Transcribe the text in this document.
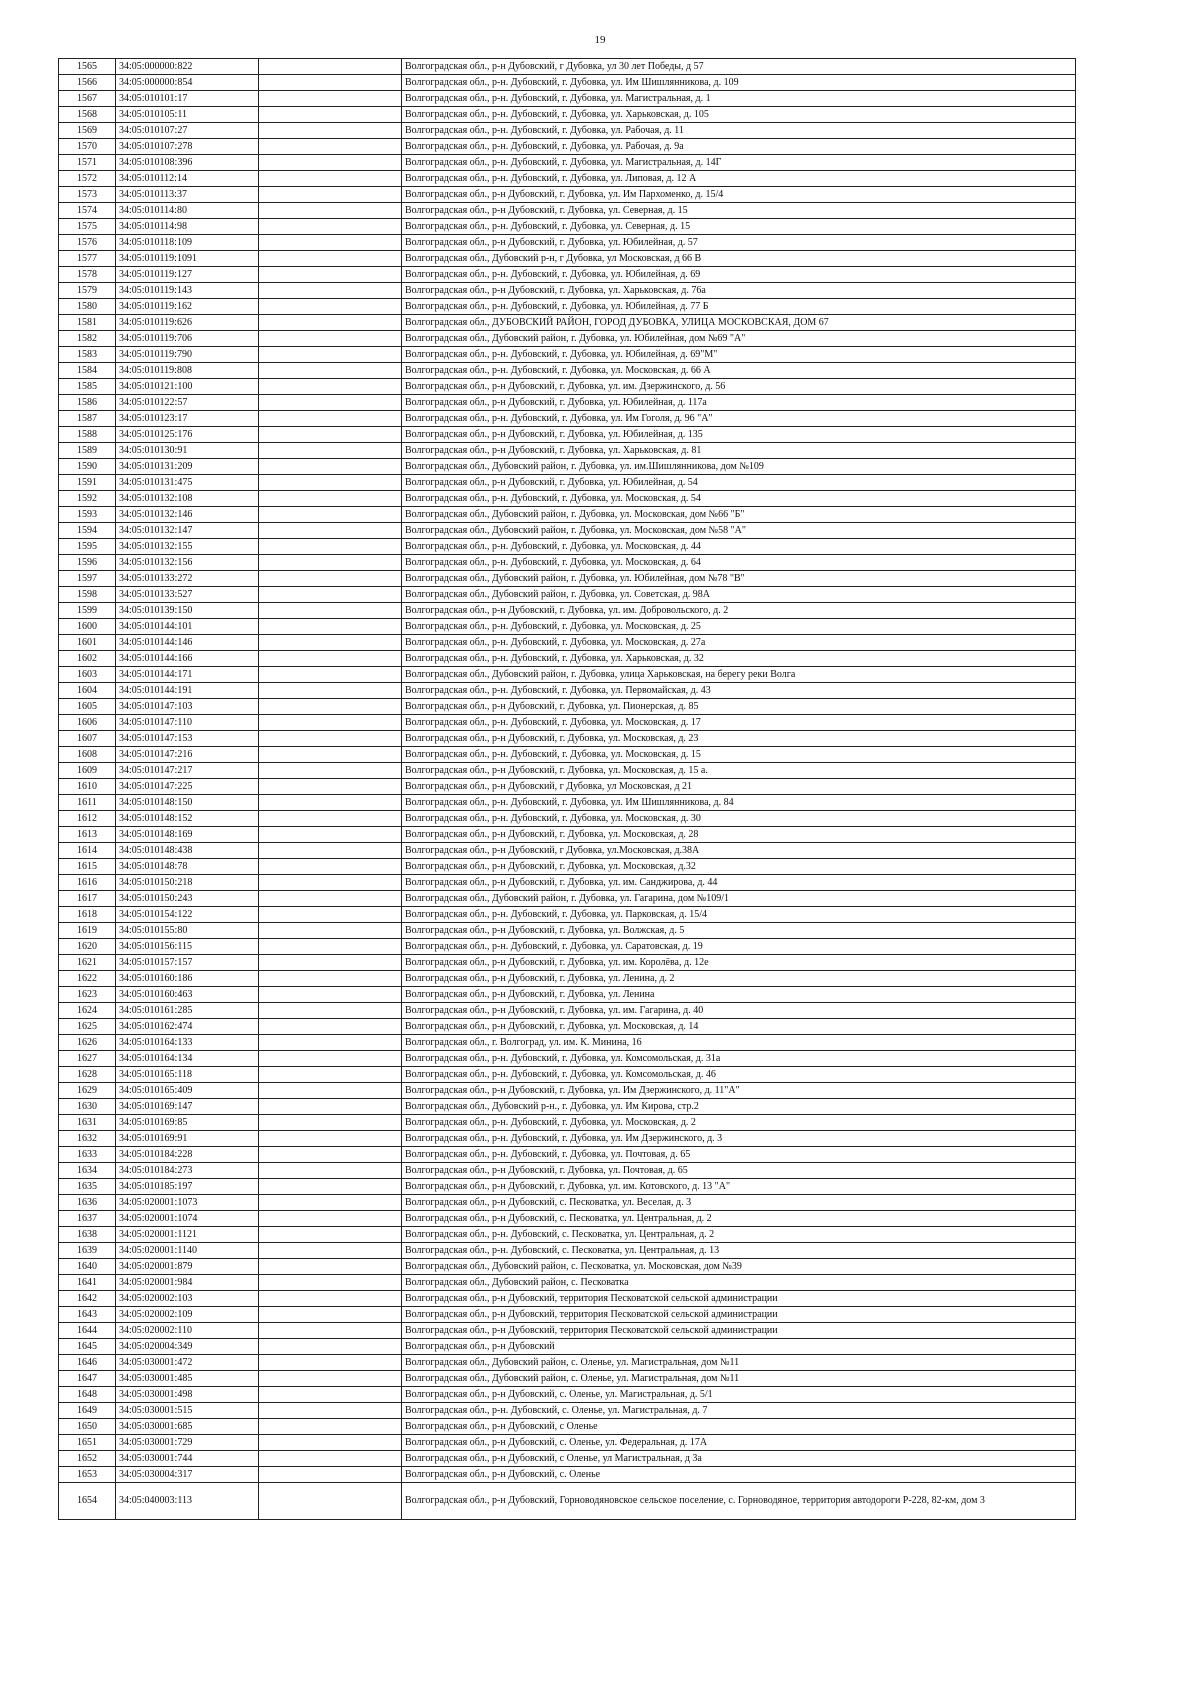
19
1565	34:05:000000:822		Волгоградская обл., р-н Дубовский, г Дубовка, ул 30 лет Победы, д 57
1566	34:05:000000:854		Волгоградская обл., р-н. Дубовский, г. Дубовка, ул. Им Шишлянникова, д. 109
1567	34:05:010101:17		Волгоградская обл., р-н. Дубовский, г. Дубовка, ул. Магистральная, д. 1
1568	34:05:010105:11		Волгоградская обл., р-н. Дубовский, г. Дубовка, ул. Харьковская, д. 105
1569	34:05:010107:27		Волгоградская обл., р-н. Дубовский, г. Дубовка, ул. Рабочая, д. 11
1570	34:05:010107:278		Волгоградская обл., р-н. Дубовский, г. Дубовка, ул. Рабочая, д. 9а
1571	34:05:010108:396		Волгоградская обл., р-н. Дубовский, г. Дубовка, ул. Магистральная, д. 14Г
1572	34:05:010112:14		Волгоградская обл., р-н. Дубовский, г. Дубовка, ул. Липовая, д. 12 А
1573	34:05:010113:37		Волгоградская обл., р-н Дубовский, г. Дубовка, ул. Им Пархоменко, д. 15/4
1574	34:05:010114:80		Волгоградская обл., р-н Дубовский, г. Дубовка, ул. Северная, д. 15
1575	34:05:010114:98		Волгоградская обл., р-н. Дубовский, г. Дубовка, ул. Северная, д. 15
1576	34:05:010118:109		Волгоградская обл., р-н Дубовский, г. Дубовка, ул. Юбилейная, д. 57
1577	34:05:010119:1091		Волгоградская обл., Дубовский р-н, г Дубовка, ул Московская, д 66 В
1578	34:05:010119:127		Волгоградская обл., р-н. Дубовский, г. Дубовка, ул. Юбилейная, д. 69
1579	34:05:010119:143		Волгоградская обл., р-н Дубовский, г. Дубовка, ул. Харьковская, д. 76а
1580	34:05:010119:162		Волгоградская обл., р-н. Дубовский, г. Дубовка, ул. Юбилейная, д. 77 Б
1581	34:05:010119:626		Волгоградская обл., ДУБОВСКИЙ РАЙОН, ГОРОД ДУБОВКА, УЛИЦА МОСКОВСКАЯ, ДОМ 67
1582	34:05:010119:706		Волгоградская обл., Дубовский район, г. Дубовка, ул. Юбилейная, дом №69 "А"
1583	34:05:010119:790		Волгоградская обл., р-н. Дубовский, г. Дубовка, ул. Юбилейная, д. 69"М"
1584	34:05:010119:808		Волгоградская обл., р-н. Дубовский, г. Дубовка, ул. Московская, д. 66 А
1585	34:05:010121:100		Волгоградская обл., р-н Дубовский, г. Дубовка, ул. им. Дзержинского, д. 56
1586	34:05:010122:57		Волгоградская обл., р-н Дубовский, г. Дубовка, ул. Юбилейная, д. 117а
1587	34:05:010123:17		Волгоградская обл., р-н. Дубовский, г. Дубовка, ул. Им Гоголя, д. 96 "А"
1588	34:05:010125:176		Волгоградская обл., р-н Дубовский, г. Дубовка, ул. Юбилейная, д. 135
1589	34:05:010130:91		Волгоградская обл., р-н Дубовский, г. Дубовка, ул. Харьковская, д. 81
1590	34:05:010131:209		Волгоградская обл., Дубовский район, г. Дубовка, ул. им.Шишлянникова, дом №109
1591	34:05:010131:475		Волгоградская обл., р-н Дубовский, г. Дубовка, ул. Юбилейная, д. 54
1592	34:05:010132:108		Волгоградская обл., р-н. Дубовский, г. Дубовка, ул. Московская, д. 54
1593	34:05:010132:146		Волгоградская обл., Дубовский район, г. Дубовка, ул. Московская, дом №66 "Б"
1594	34:05:010132:147		Волгоградская обл., Дубовский район, г. Дубовка, ул. Московская, дом №58 "А"
1595	34:05:010132:155		Волгоградская обл., р-н. Дубовский, г. Дубовка, ул. Московская, д. 44
1596	34:05:010132:156		Волгоградская обл., р-н. Дубовский, г. Дубовка, ул. Московская, д. 64
1597	34:05:010133:272		Волгоградская обл., Дубовский район, г. Дубовка, ул. Юбилейная, дом №78 "В"
1598	34:05:010133:527		Волгоградская обл., Дубовский район, г. Дубовка, ул. Советская, д. 98А
1599	34:05:010139:150		Волгоградская обл., р-н Дубовский, г. Дубовка, ул. им. Добровольского, д. 2
1600	34:05:010144:101		Волгоградская обл., р-н. Дубовский, г. Дубовка, ул. Московская, д. 25
1601	34:05:010144:146		Волгоградская обл., р-н. Дубовский, г. Дубовка, ул. Московская, д. 27а
1602	34:05:010144:166		Волгоградская обл., р-н. Дубовский, г. Дубовка, ул. Харьковская, д. 32
1603	34:05:010144:171		Волгоградская обл., Дубовский район, г. Дубовка, улица Харьковская, на берегу реки Волга
1604	34:05:010144:191		Волгоградская обл., р-н. Дубовский, г. Дубовка, ул. Первомайская, д. 43
1605	34:05:010147:103		Волгоградская обл., р-н Дубовский, г. Дубовка, ул. Пионерская, д. 85
1606	34:05:010147:110		Волгоградская обл., р-н. Дубовский, г. Дубовка, ул. Московская, д. 17
1607	34:05:010147:153		Волгоградская обл., р-н Дубовский, г. Дубовка, ул. Московская, д. 23
1608	34:05:010147:216		Волгоградская обл., р-н. Дубовский, г. Дубовка, ул. Московская, д. 15
1609	34:05:010147:217		Волгоградская обл., р-н Дубовский, г. Дубовка, ул. Московская, д. 15 а.
1610	34:05:010147:225		Волгоградская обл., р-н Дубовский, г Дубовка, ул Московская, д 21
1611	34:05:010148:150		Волгоградская обл., р-н. Дубовский, г. Дубовка, ул. Им Шишлянникова, д. 84
1612	34:05:010148:152		Волгоградская обл., р-н. Дубовский, г. Дубовка, ул. Московская, д. 30
1613	34:05:010148:169		Волгоградская обл., р-н Дубовский, г. Дубовка, ул. Московская, д. 28
1614	34:05:010148:438		Волгоградская обл., р-н Дубовский, г Дубовка, ул.Московская, д.38А
1615	34:05:010148:78		Волгоградская обл., р-н Дубовский, г. Дубовка, ул. Московская, д.32
1616	34:05:010150:218		Волгоградская обл., р-н Дубовский, г. Дубовка, ул. им. Санджирова, д. 44
1617	34:05:010150:243		Волгоградская обл., Дубовский район, г. Дубовка, ул. Гагарина, дом №109/1
1618	34:05:010154:122		Волгоградская обл., р-н. Дубовский, г. Дубовка, ул. Парковская, д. 15/4
1619	34:05:010155:80		Волгоградская обл., р-н Дубовский, г. Дубовка, ул. Волжская, д. 5
1620	34:05:010156:115		Волгоградская обл., р-н. Дубовский, г. Дубовка, ул. Саратовская, д. 19
1621	34:05:010157:157		Волгоградская обл., р-н Дубовский, г. Дубовка, ул. им. Королёва, д. 12е
1622	34:05:010160:186		Волгоградская обл., р-н Дубовский, г. Дубовка, ул. Ленина, д. 2
1623	34:05:010160:463		Волгоградская обл., р-н Дубовский, г. Дубовка, ул. Ленина
1624	34:05:010161:285		Волгоградская обл., р-н Дубовский, г. Дубовка, ул. им. Гагарина, д. 40
1625	34:05:010162:474		Волгоградская обл., р-н Дубовский, г. Дубовка, ул. Московская, д. 14
1626	34:05:010164:133		Волгоградская обл., г. Волгоград, ул. им. К. Минина, 16
1627	34:05:010164:134		Волгоградская обл., р-н. Дубовский, г. Дубовка, ул. Комсомольская, д. 31а
1628	34:05:010165:118		Волгоградская обл., р-н. Дубовский, г. Дубовка, ул. Комсомольская, д. 46
1629	34:05:010165:409		Волгоградская обл., р-н Дубовский, г. Дубовка, ул. Им Дзержинского, д. 11"А"
1630	34:05:010169:147		Волгоградская обл., Дубовский р-н., г. Дубовка, ул. Им Кирова, стр.2
1631	34:05:010169:85		Волгоградская обл., р-н. Дубовский, г. Дубовка, ул. Московская, д. 2
1632	34:05:010169:91		Волгоградская обл., р-н. Дубовский, г. Дубовка, ул. Им Дзержинского, д. 3
1633	34:05:010184:228		Волгоградская обл., р-н. Дубовский, г. Дубовка, ул. Почтовая, д. 65
1634	34:05:010184:273		Волгоградская обл., р-н Дубовский, г. Дубовка, ул. Почтовая, д. 65
1635	34:05:010185:197		Волгоградская обл., р-н Дубовский, г. Дубовка, ул. им. Котовского, д. 13 "А"
1636	34:05:020001:1073		Волгоградская обл., р-н Дубовский, с. Песковатка, ул. Веселая, д. 3
1637	34:05:020001:1074		Волгоградская обл., р-н Дубовский, с. Песковатка, ул. Центральная, д. 2
1638	34:05:020001:1121		Волгоградская обл., р-н. Дубовский, с. Песковатка, ул. Центральная, д. 2
1639	34:05:020001:1140		Волгоградская обл., р-н. Дубовский, с. Песковатка, ул. Центральная, д. 13
1640	34:05:020001:879		Волгоградская обл., Дубовский район, с. Песковатка, ул. Московская, дом №39
1641	34:05:020001:984		Волгоградская обл., Дубовский район, с. Песковатка
1642	34:05:020002:103		Волгоградская обл., р-н Дубовский, территория Песковатской сельской администрации
1643	34:05:020002:109		Волгоградская обл., р-н Дубовский, территория Песковатской сельской администрации
1644	34:05:020002:110		Волгоградская обл., р-н Дубовский, территория Песковатской сельской администрации
1645	34:05:020004:349		Волгоградская обл., р-н Дубовский
1646	34:05:030001:472		Волгоградская обл., Дубовский район, с. Оленье, ул. Магистральная, дом №11
1647	34:05:030001:485		Волгоградская обл., Дубовский район, с. Оленье, ул. Магистральная, дом №11
1648	34:05:030001:498		Волгоградская обл., р-н Дубовский, с. Оленье, ул. Магистральная, д. 5/1
1649	34:05:030001:515		Волгоградская обл., р-н. Дубовский, с. Оленье, ул. Магистральная, д. 7
1650	34:05:030001:685		Волгоградская обл., р-н Дубовский, с Оленье
1651	34:05:030001:729		Волгоградская обл., р-н Дубовский, с. Оленье, ул. Федеральная, д. 17А
1652	34:05:030001:744		Волгоградская обл., р-н Дубовский, с Оленье, ул Магистральная, д 3а
1653	34:05:030004:317		Волгоградская обл., р-н Дубовский, с. Оленье
1654	34:05:040003:113		Волгоградская обл., р-н Дубовский, Горноводяновское сельское поселение, с. Горноводяное, территория автодороги Р-228, 82-км, дом 3
